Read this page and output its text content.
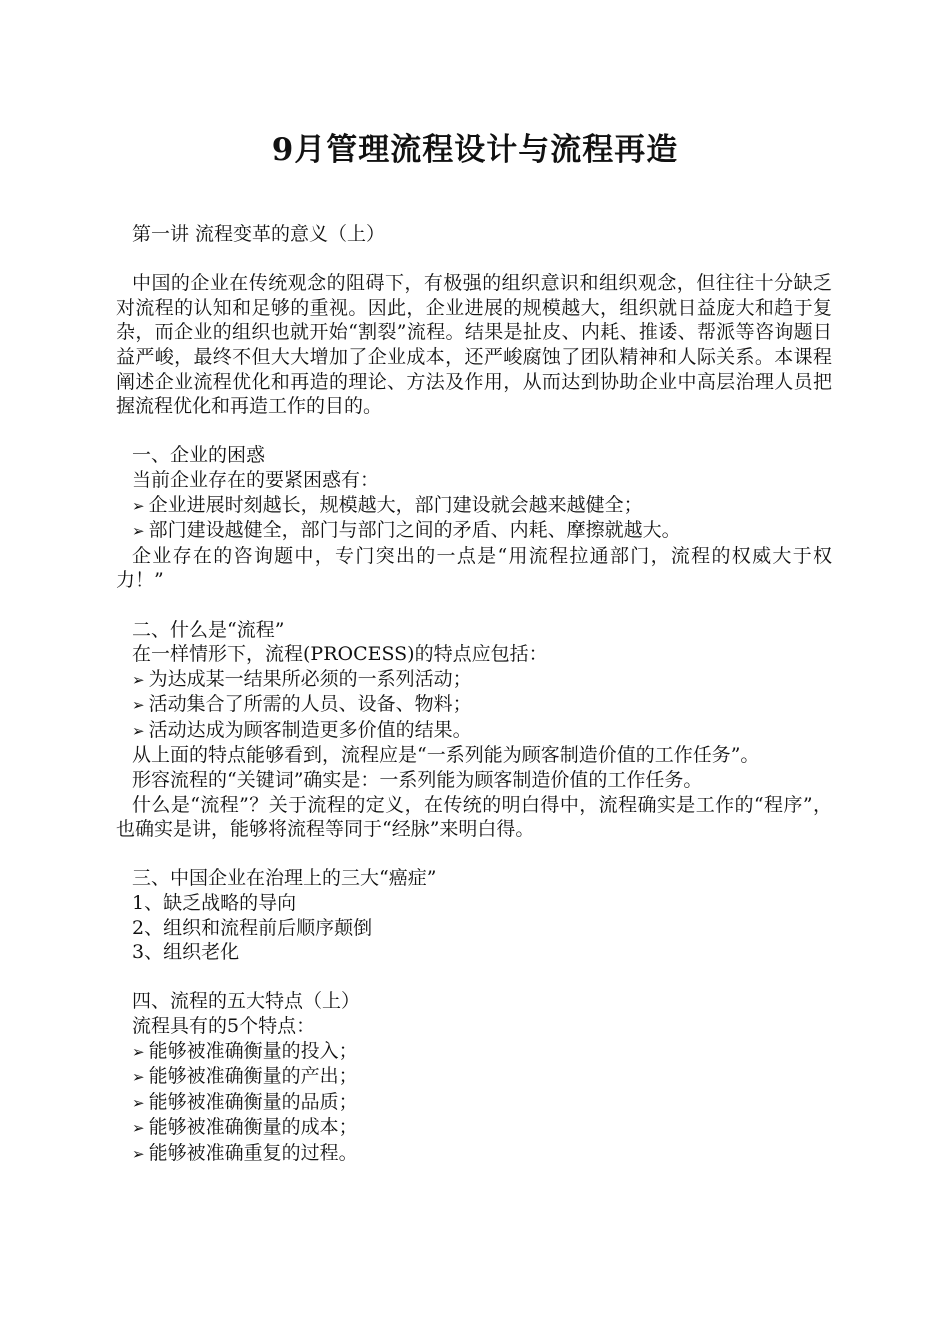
9月管理流程设计与流程再造

第一讲 流程变革的意义（上）

中国的企业在传统观念的阻碍下，有极强的组织意识和组织观念，但往往十分缺乏对流程的认知和足够的重视。因此，企业进展的规模越大，组织就日益庞大和趋于复杂，而企业的组织也就开始“割裂”流程。结果是扯皮、内耗、推诿、帮派等咨询题日益严峻，最终不但大大增加了企业成本，还严峻腐蚀了团队精神和人际关系。本课程阐述企业流程优化和再造的理论、方法及作用，从而达到协助企业中高层治理人员把握流程优化和再造工作的目的。

一、企业的困惑

当前企业存在的要紧困惑有：

➢ 企业进展时刻越长，规模越大，部门建设就会越来越健全；

➢ 部门建设越健全，部门与部门之间的矛盾、内耗、摩擦就越大。

企业存在的咨询题中，专门突出的一点是“用流程拉通部门，流程的权威大于权力！”

二、什么是“流程”

在一样情形下，流程(PROCESS)的特点应包括：

➢ 为达成某一结果所必须的一系列活动；

➢ 活动集合了所需的人员、设备、物料；

➢ 活动达成为顾客制造更多价值的结果。

从上面的特点能够看到，流程应是“一系列能为顾客制造价值的工作任务”。

形容流程的“关键词”确实是：一系列能为顾客制造价值的工作任务。

什么是“流程”？关于流程的定义，在传统的明白得中，流程确实是工作的“程序”，也确实是讲，能够将流程等同于“经脉”来明白得。

三、中国企业在治理上的三大“癌症”

1、缺乏战略的导向

2、组织和流程前后顺序颠倒

3、组织老化

四、流程的五大特点（上）

流程具有的5个特点：

➢ 能够被准确衡量的投入；

➢ 能够被准确衡量的产出；

➢ 能够被准确衡量的品质；

➢ 能够被准确衡量的成本；

➢ 能够被准确重复的过程。
